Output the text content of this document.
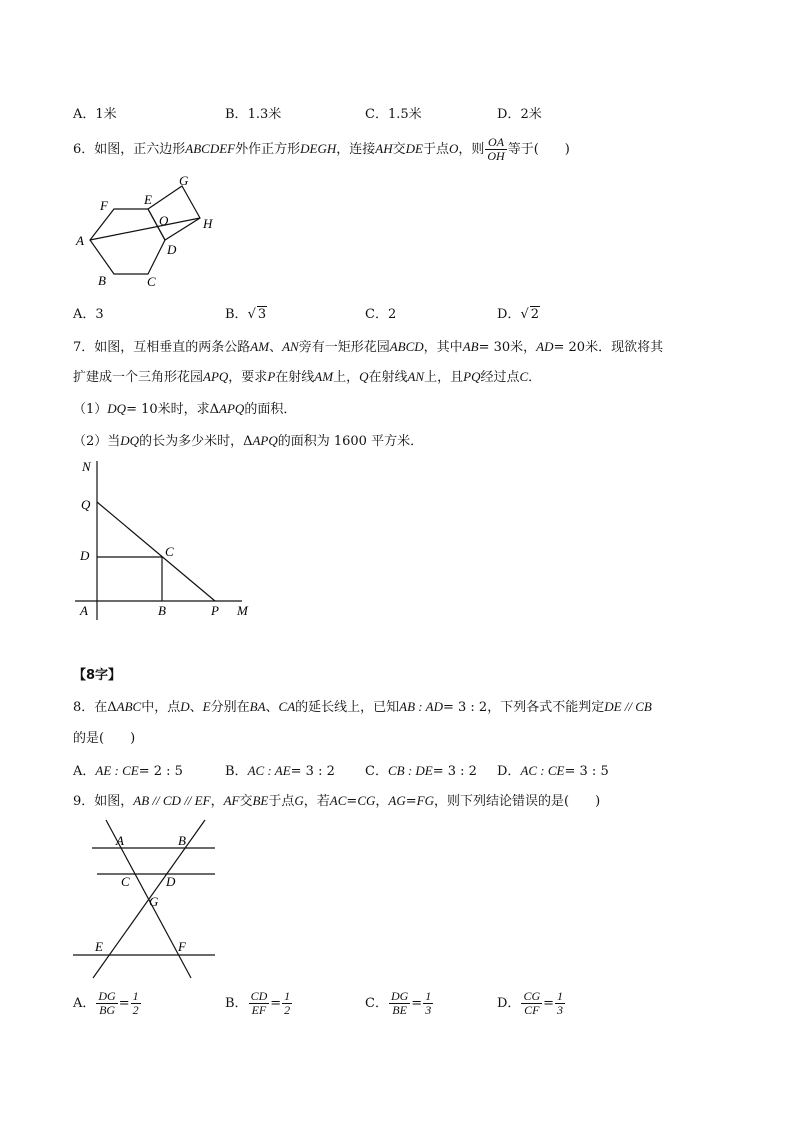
A．1米	B．1.3米	C．1.5米	D．2米
6．如图，正六边形ABCDEF外作正方形DEGH，连接AH交DE于点O，则 $\frac{OA}{OH}$ 等于(　　)
A
B	C
D
E
F
G
H
O
A．3	B．√ 3	C．2	D．√ 2
7．如图，互相垂直的两条公路AM、AN旁有一矩形花园ABCD，其中AB= 30米，AD= 20米．现欲将其
扩建成一个三角形花园APQ，要求P在射线AM上，Q在射线AN上，且PQ经过点C．
（1）DQ= 10米时，求ΔAPQ的面积．
（2）当DQ的长为多少米时，ΔAPQ的面积为 1600 平方米．
N
Q
D	C
A	B	P M
【8字】
8．在ΔABC中，点D、E分别在BA、CA的延长线上，已知AB : AD= 3 : 2，下列各式不能判定DE // CB
的是(　　)
A．AE : CE= 2 : 5	B．AC : AE= 3 : 2 C．CB : DE= 3 : 2 D．AC : CE= 3 : 5
9．如图，AB // CD // EF，AF交BE于点G，若AC=CG，AG=FG，则下列结论错误的是(　　)
A	B
C	D
G
E	F
A． $\frac{DG}{BG} = \frac{1}{2}$	B． $\frac{CD}{EF} = \frac{1}{2}$	C． $\frac{DG}{BE} = \frac{1}{3}$	D． $\frac{CG}{CF} = \frac{1}{3}$
